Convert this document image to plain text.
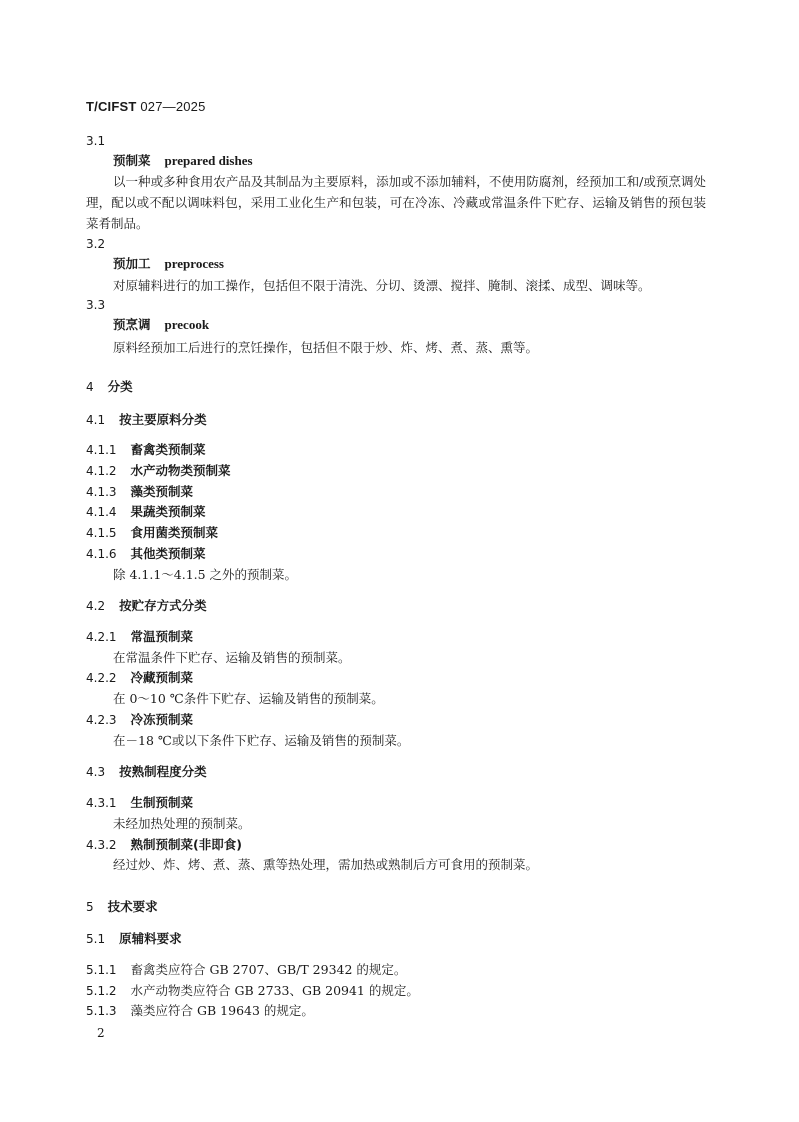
T/CIFST 027—2025
3.1
预制菜 prepared dishes
以一种或多种食用农产品及其制品为主要原料，添加或不添加辅料，不使用防腐剂，经预加工和/或预烹调处理，配以或不配以调味料包，采用工业化生产和包装，可在冷冻、冷藏或常温条件下贮存、运输及销售的预包装菜肴制品。
3.2
预加工 preprocess
对原辅料进行的加工操作，包括但不限于清洗、分切、烫漂、搅拌、腌制、滚揉、成型、调味等。
3.3
预烹调 precook
原料经预加工后进行的烹饪操作，包括但不限于炒、炸、烤、煮、蒸、熏等。
4 分类
4.1 按主要原料分类
4.1.1 畜禽类预制菜
4.1.2 水产动物类预制菜
4.1.3 藻类预制菜
4.1.4 果蔬类预制菜
4.1.5 食用菌类预制菜
4.1.6 其他类预制菜
除 4.1.1～4.1.5 之外的预制菜。
4.2 按贮存方式分类
4.2.1 常温预制菜
在常温条件下贮存、运输及销售的预制菜。
4.2.2 冷藏预制菜
在 0～10 ℃条件下贮存、运输及销售的预制菜。
4.2.3 冷冻预制菜
在－18 ℃或以下条件下贮存、运输及销售的预制菜。
4.3 按熟制程度分类
4.3.1 生制预制菜
未经加热处理的预制菜。
4.3.2 熟制预制菜(非即食)
经过炒、炸、烤、煮、蒸、熏等热处理，需加热或熟制后方可食用的预制菜。
5 技术要求
5.1 原辅料要求
5.1.1 畜禽类应符合 GB 2707、GB/T 29342 的规定。
5.1.2 水产动物类应符合 GB 2733、GB 20941 的规定。
5.1.3 藻类应符合 GB 19643 的规定。
2
